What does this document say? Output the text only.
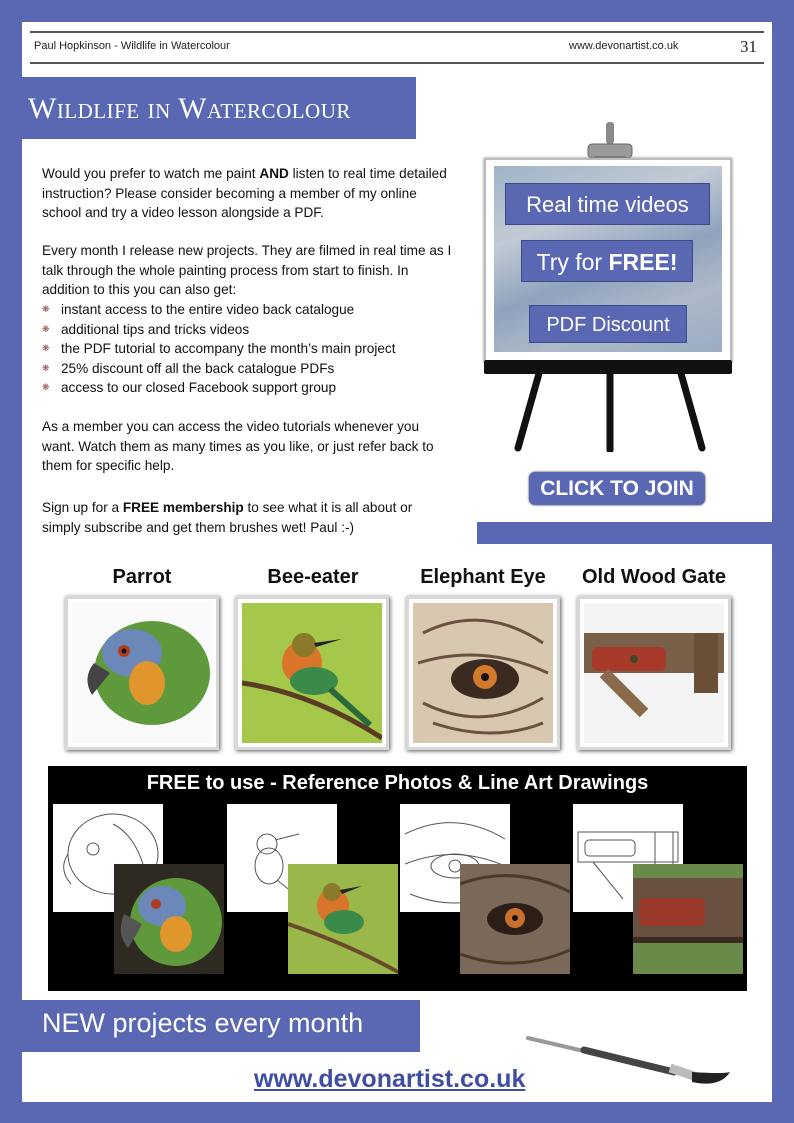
Paul Hopkinson - Wildlife in Watercolour	www.devonartist.co.uk	31
Wildlife in Watercolour

Would you prefer to watch me paint AND listen to real time detailed instruction? Please consider becoming a member of my online school and try a video lesson alongside a PDF.

Every month I release new projects. They are filmed in real time as I talk through the whole painting process from start to finish. In addition to this you can also get:

❋ instant access to the entire video back catalogue
❋ additional tips and tricks videos
❋ the PDF tutorial to accompany the month’s main project
❋ 25% discount off all the back catalogue PDFs
❋ access to our closed Facebook support group

As a member you can access the video tutorials whenever you want. Watch them as many times as you like, or just refer back to them for specific help.

Sign up for a FREE membership to see what it is all about or simply subscribe and get them brushes wet! Paul :-)

Real time videos
Try for FREE!
PDF Discount
CLICK TO JOIN
Parrot	Bee-eater	Elephant Eye	Old Wood Gate
FREE to use - Reference Photos & Line Art Drawings
NEW projects every month
www.devonartist.co.uk
